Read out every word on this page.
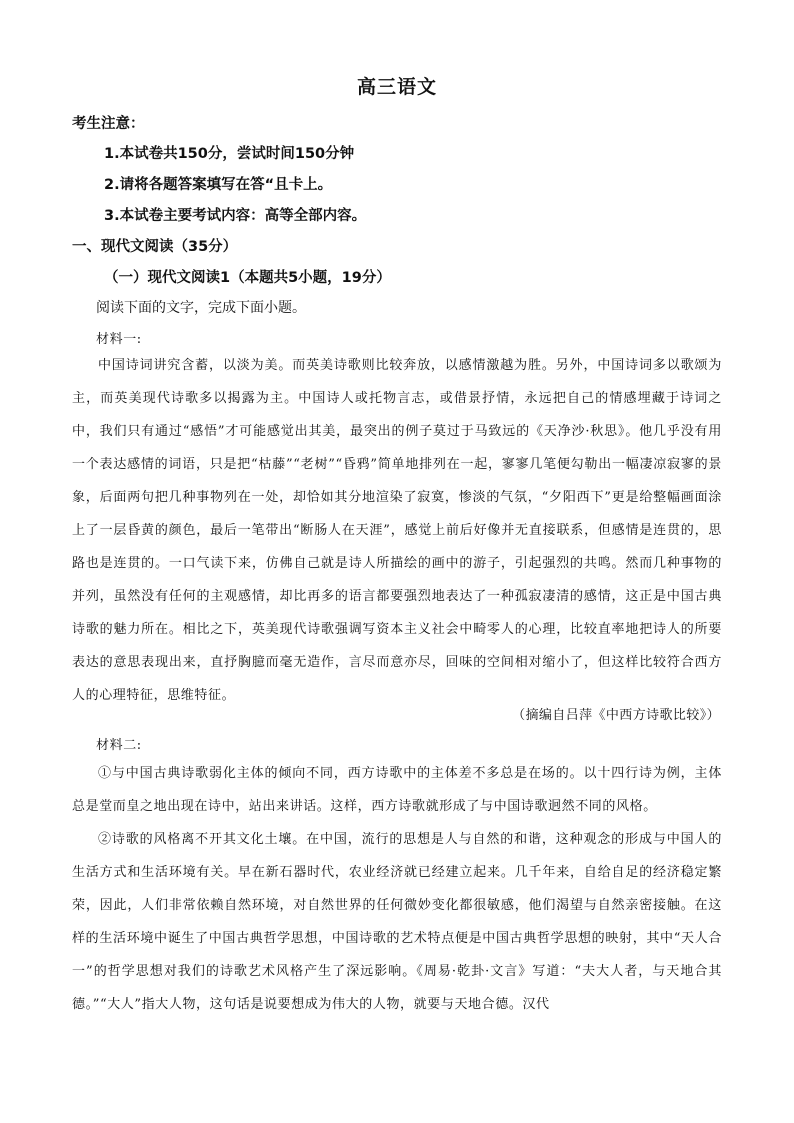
高三语文
考生注意：
1.本试卷共150分，尝试时间150分钟
2.请将各题答案填写在答“且卡上。
3.本试卷主要考试内容：高等全部内容。
一、现代文阅读（35分）
（一）现代文阅读1（本题共5小题，19分）
阅读下面的文字，完成下面小题。
材料一:
中国诗词讲究含蓄，以淡为美。而英美诗歌则比较奔放，以感情激越为胜。另外，中国诗词多以歌颂为主，而英美现代诗歌多以揭露为主。中国诗人或托物言志，或借景抒情，永远把自己的情感埋藏于诗词之中，我们只有通过“感悟”才可能感觉出其美，最突出的例子莫过于马致远的《天净沙·秋思》。他几乎没有用一个表达感情的词语，只是把“枯藤”“老树”“昏鸦”简单地排列在一起，寥寥几笔便勾勒出一幅凄凉寂寥的景象，后面两句把几种事物列在一处，却恰如其分地渲染了寂寞，惨淡的气氛，“夕阳西下”更是给整幅画面涂上了一层昏黄的颜色，最后一笔带出“断肠人在天涯”，感觉上前后好像并无直接联系，但感情是连贯的，思路也是连贯的。一口气读下来，仿佛自己就是诗人所描绘的画中的游子，引起强烈的共鸣。然而几种事物的并列，虽然没有任何的主观感情，却比再多的语言都要强烈地表达了一种孤寂凄清的感情，这正是中国古典诗歌的魅力所在。相比之下，英美现代诗歌强调写资本主义社会中畸零人的心理，比较直率地把诗人的所要表达的意思表现出来，直抒胸臆而毫无造作，言尽而意亦尽，回味的空间相对缩小了，但这样比较符合西方人的心理特征，思维特征。
（摘编自吕萍《中西方诗歌比较》）
材料二:
①与中国古典诗歌弱化主体的倾向不同，西方诗歌中的主体差不多总是在场的。以十四行诗为例，主体总是堂而皇之地出现在诗中，站出来讲话。这样，西方诗歌就形成了与中国诗歌迥然不同的风格。
②诗歌的风格离不开其文化土壤。在中国，流行的思想是人与自然的和谐，这种观念的形成与中国人的生活方式和生活环境有关。早在新石器时代，农业经济就已经建立起来。几千年来，自给自足的经济稳定繁荣，因此，人们非常依赖自然环境，对自然世界的任何微妙变化都很敏感，他们渴望与自然亲密接触。在这样的生活环境中诞生了中国古典哲学思想，中国诗歌的艺术特点便是中国古典哲学思想的映射，其中“天人合一”的哲学思想对我们的诗歌艺术风格产生了深远影响。《周易·乾卦·文言》写道：“夫大人者，与天地合其德。”“大人”指大人物，这句话是说要想成为伟大的人物，就要与天地合德。汉代
